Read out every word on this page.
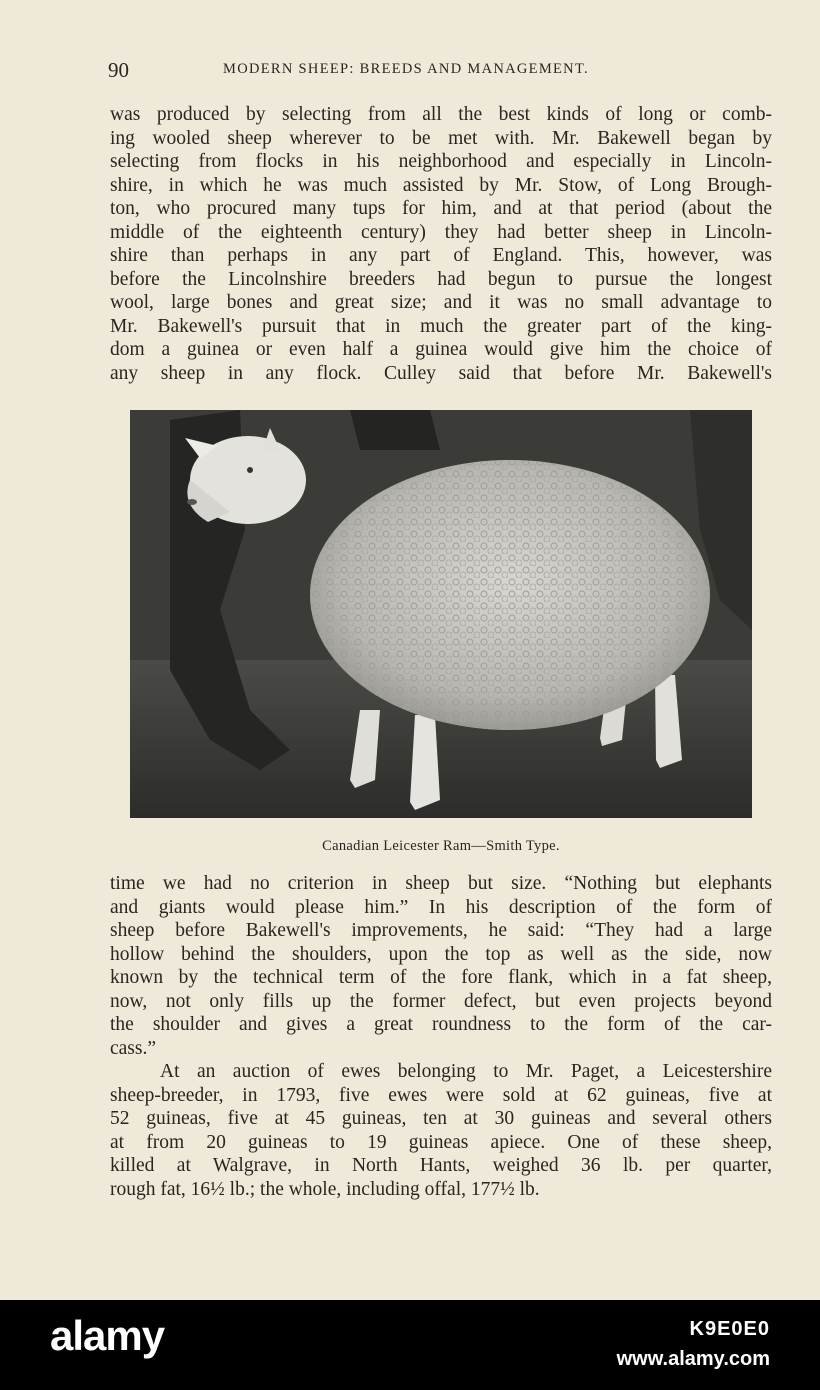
90	MODERN SHEEP: BREEDS AND MANAGEMENT.
was produced by selecting from all the best kinds of long or comb-
ing wooled sheep wherever to be met with. Mr. Bakewell began by
selecting from flocks in his neighborhood and especially in Lincoln-
shire, in which he was much assisted by Mr. Stow, of Long Brough-
ton, who procured many tups for him, and at that period (about the
middle of the eighteenth century) they had better sheep in Lincoln-
shire than perhaps in any part of England. This, however, was
before the Lincolnshire breeders had begun to pursue the longest
wool, large bones and great size; and it was no small advantage to
Mr. Bakewell's pursuit that in much the greater part of the king-
dom a guinea or even half a guinea would give him the choice of
any sheep in any flock. Culley said that before Mr. Bakewell's
Canadian Leicester Ram—Smith Type.
time we had no criterion in sheep but size. “Nothing but elephants
and giants would please him.” In his description of the form of
sheep before Bakewell's improvements, he said: “They had a large
hollow behind the shoulders, upon the top as well as the side, now
known by the technical term of the fore flank, which in a fat sheep,
now, not only fills up the former defect, but even projects beyond
the shoulder and gives a great roundness to the form of the car-
cass.”
At an auction of ewes belonging to Mr. Paget, a Leicestershire
sheep-breeder, in 1793, five ewes were sold at 62 guineas, five at
52 guineas, five at 45 guineas, ten at 30 guineas and several others
at from 20 guineas to 19 guineas apiece. One of these sheep,
killed at Walgrave, in North Hants, weighed 36 lb. per quarter,
rough fat, 16½ lb.; the whole, including offal, 177½ lb.
alamy	K9E0E0
www.alamy.com
